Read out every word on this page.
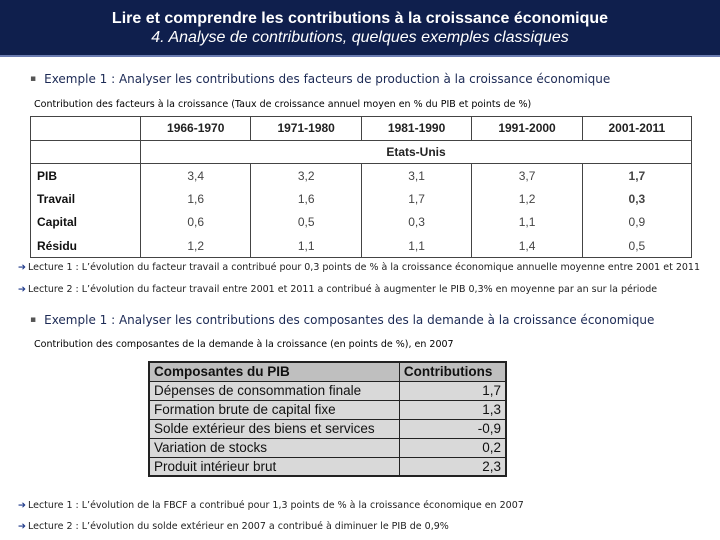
Lire et comprendre les contributions à la croissance économique
4. Analyse de contributions, quelques exemples classiques
▪ Exemple 1 : Analyser les contributions des facteurs de production à la croissance économique
Contribution des facteurs à la croissance (Taux de croissance annuel moyen en % du PIB et points de %)
	1966-1970	1971-1980	1981-1990	1991-2000	2001-2011
	Etats-Unis				
PIB	3,4	3,2	3,1	3,7	1,7
Travail	1,6	1,6	1,7	1,2	0,3
Capital	0,6	0,5	0,3	1,1	0,9
Résidu	1,2	1,1	1,1	1,4	0,5
➔ Lecture 1 : L’évolution du facteur travail a contribué pour 0,3 points de % à la croissance économique annuelle moyenne entre 2001 et 2011
➔ Lecture 2 : L’évolution du facteur travail entre 2001 et 2011 a contribué à augmenter le PIB 0,3% en moyenne par an sur la période
▪ Exemple 1 : Analyser les contributions des composantes des la demande à la croissance économique
Contribution des composantes de la demande à la croissance (en points de %), en 2007
Composantes du PIB	Contributions
Dépenses de consommation finale	1,7
Formation brute de capital fixe	1,3
Solde extérieur des biens et services	-0,9
Variation de stocks	0,2
Produit intérieur brut	2,3
➔ Lecture 1 : L’évolution de la FBCF a contribué pour 1,3 points de % à la croissance économique en 2007
➔ Lecture 2 : L’évolution du solde extérieur en 2007 a contribué à diminuer le PIB de 0,9%
